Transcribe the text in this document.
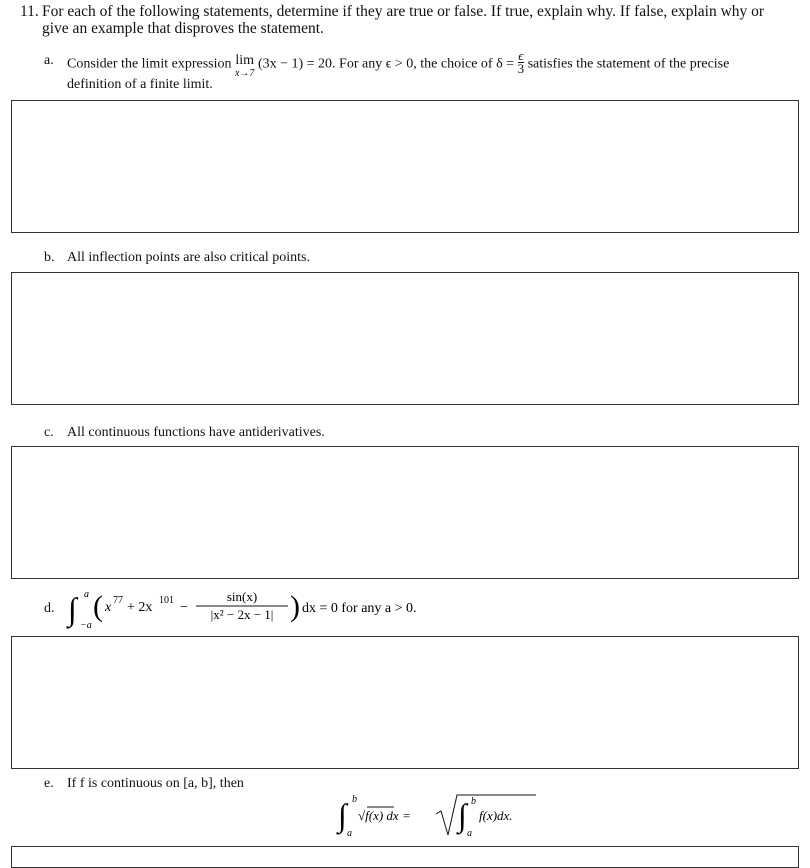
11. For each of the following statements, determine if they are true or false. If true, explain why. If false, explain why or
give an example that disproves the statement.
a. Consider the limit expression lim
x→7
(3x − 1) = 20. For any ϵ > 0, the choice of $\delta = \frac{\epsilon}{3}$ satisfies the statement of the precise
definition of a finite limit.
b. All inflection points are also critical points.
c. All continuous functions have antiderivatives.
d. ∫ a
−a
( x 77 + 2x 101 −
sin(x)
|x² − 2x − 1| ) dx = 0 for any a > 0.
e. If f is continuous on [a, b], then
∫ b
a
√f(x) dx = ∫ b
a
f(x)dx.
